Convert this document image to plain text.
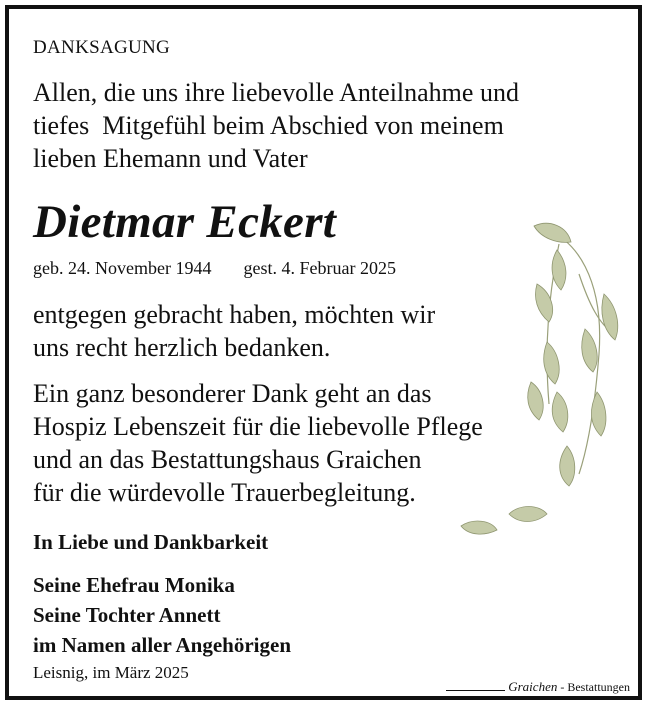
DANKSAGUNG

Allen, die uns ihre liebevolle Anteilnahme und
tiefes  Mitgefühl beim Abschied von meinem
lieben Ehemann und Vater

Dietmar Eckert

geb. 24. November 1944 gest. 4. Februar 2025

entgegen gebracht haben, möchten wir
uns recht herzlich bedanken.
Ein ganz besonderer Dank geht an das
Hospiz Lebenszeit für die liebevolle Pflege
und an das Bestattungshaus Graichen
für die würdevolle Trauerbegleitung.

In Liebe und Dankbarkeit

Seine Ehefrau Monika
Seine Tochter Annett
im Namen aller Angehörigen

Leisnig, im März 2025

Graichen - Bestattungen
